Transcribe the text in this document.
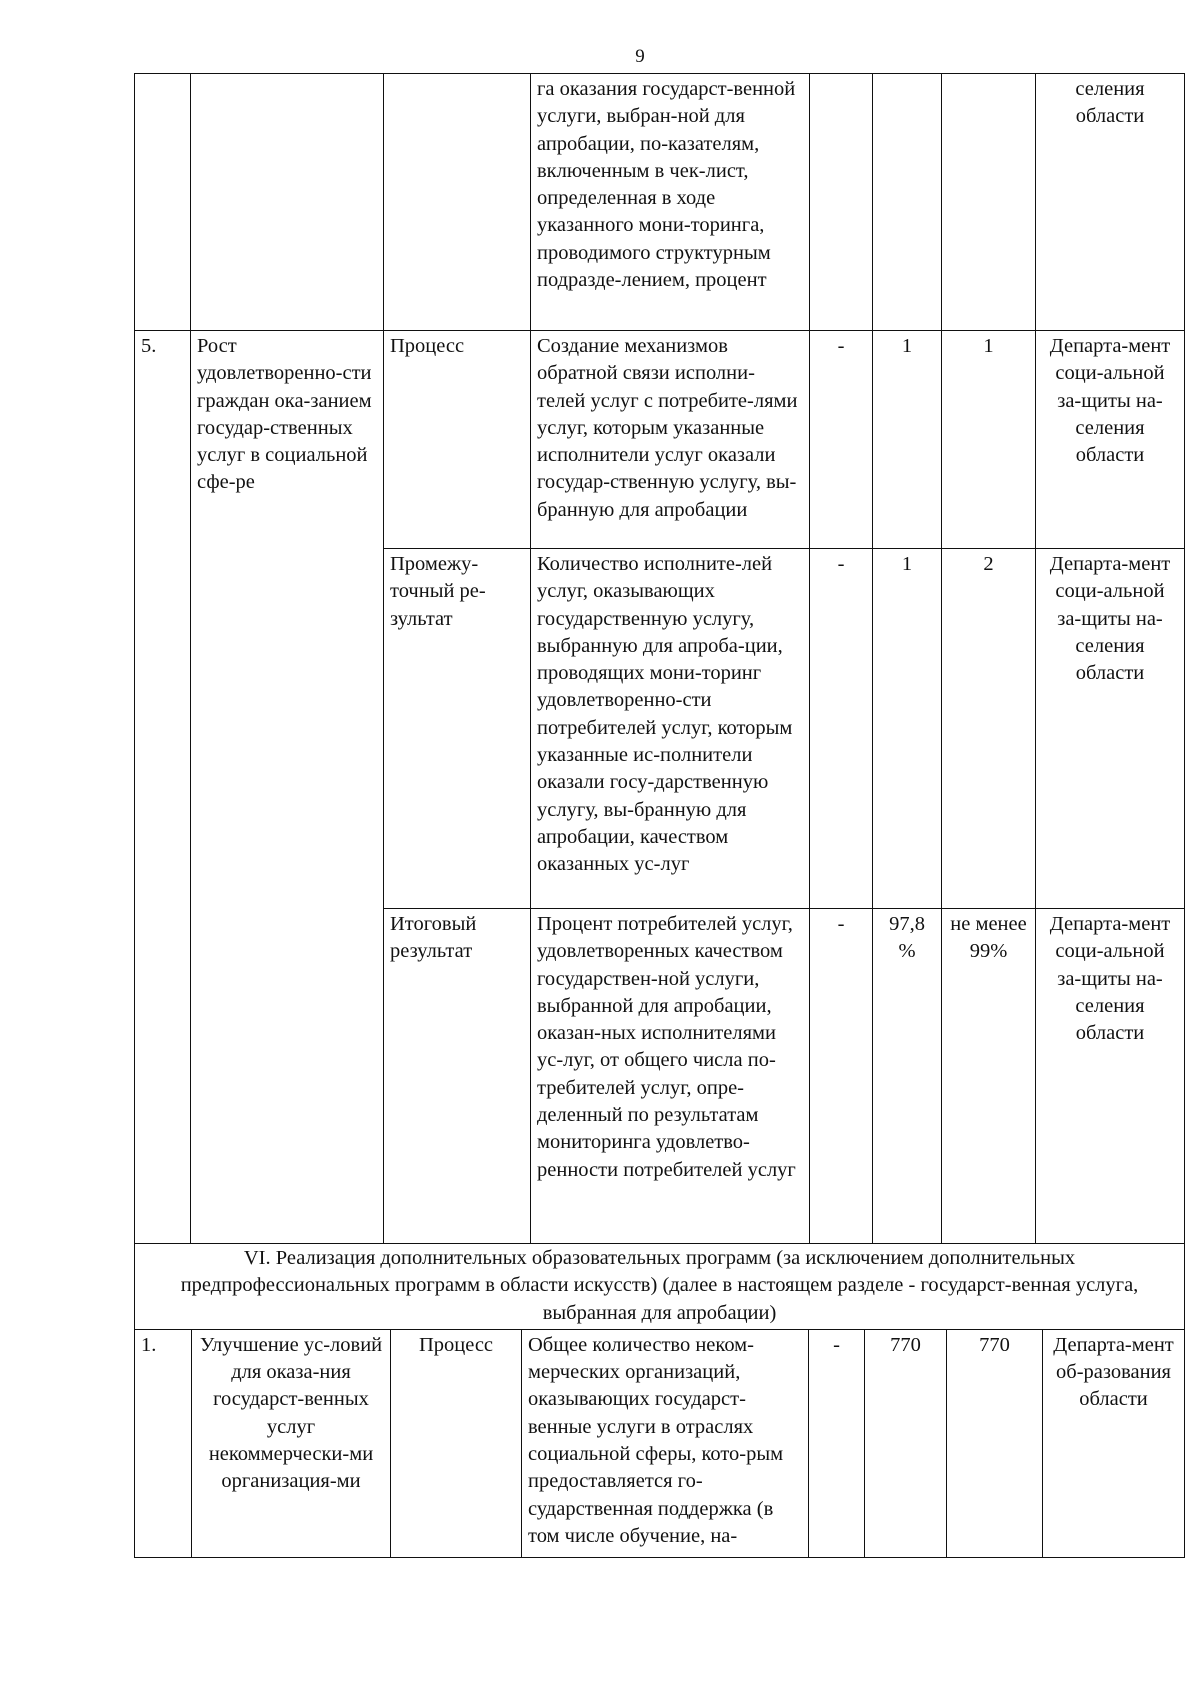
9
			га оказания государст-венной услуги, выбран-ной для апробации, по-казателям, включенным в чек-лист, определенная в ходе указанного мони-торинга, проводимого структурным подразде-лением, процент				селения области
5.	Рост удовлетворенно-сти граждан ока-занием государ-ственных услуг в социальной сфе-ре	Процесс	Создание механизмов обратной связи исполни-телей услуг с потребите-лями услуг, которым указанные исполнители услуг оказали государ-ственную услугу, вы-бранную для апробации	-	1	1	Департа-мент соци-альной за-щиты на-селения области
		Промежу-точный ре-зультат	Количество исполните-лей услуг, оказывающих государственную услугу, выбранную для апроба-ции, проводящих мони-торинг удовлетворенно-сти потребителей услуг, которым указанные ис-полнители оказали госу-дарственную услугу, вы-бранную для апробации, качеством оказанных ус-луг	-	1	2	Департа-мент соци-альной за-щиты на-селения области
		Итоговый результат	Процент потребителей услуг, удовлетворенных качеством государствен-ной услуги, выбранной для апробации, оказан-ных исполнителями ус-луг, от общего числа по-требителей услуг, опре-деленный по результатам мониторинга удовлетво-ренности потребителей услуг	-	97,8 %	не менее 99%	Департа-мент соци-альной за-щиты на-селения области
VI. Реализация дополнительных образовательных программ (за исключением дополнительных предпрофессиональных программ в области искусств) (далее в настоящем разделе - государст-венная услуга, выбранная для апробации)
1.	Улучшение ус-ловий для оказа-ния государст-венных услуг некоммерчески-ми организация-ми	Процесс	Общее количество неком-мерческих организаций, оказывающих государст-венные услуги в отраслях социальной сферы, кото-рым предоставляется го-сударственная поддержка (в том числе обучение, на-	-	770	770	Департа-мент об-разования области
